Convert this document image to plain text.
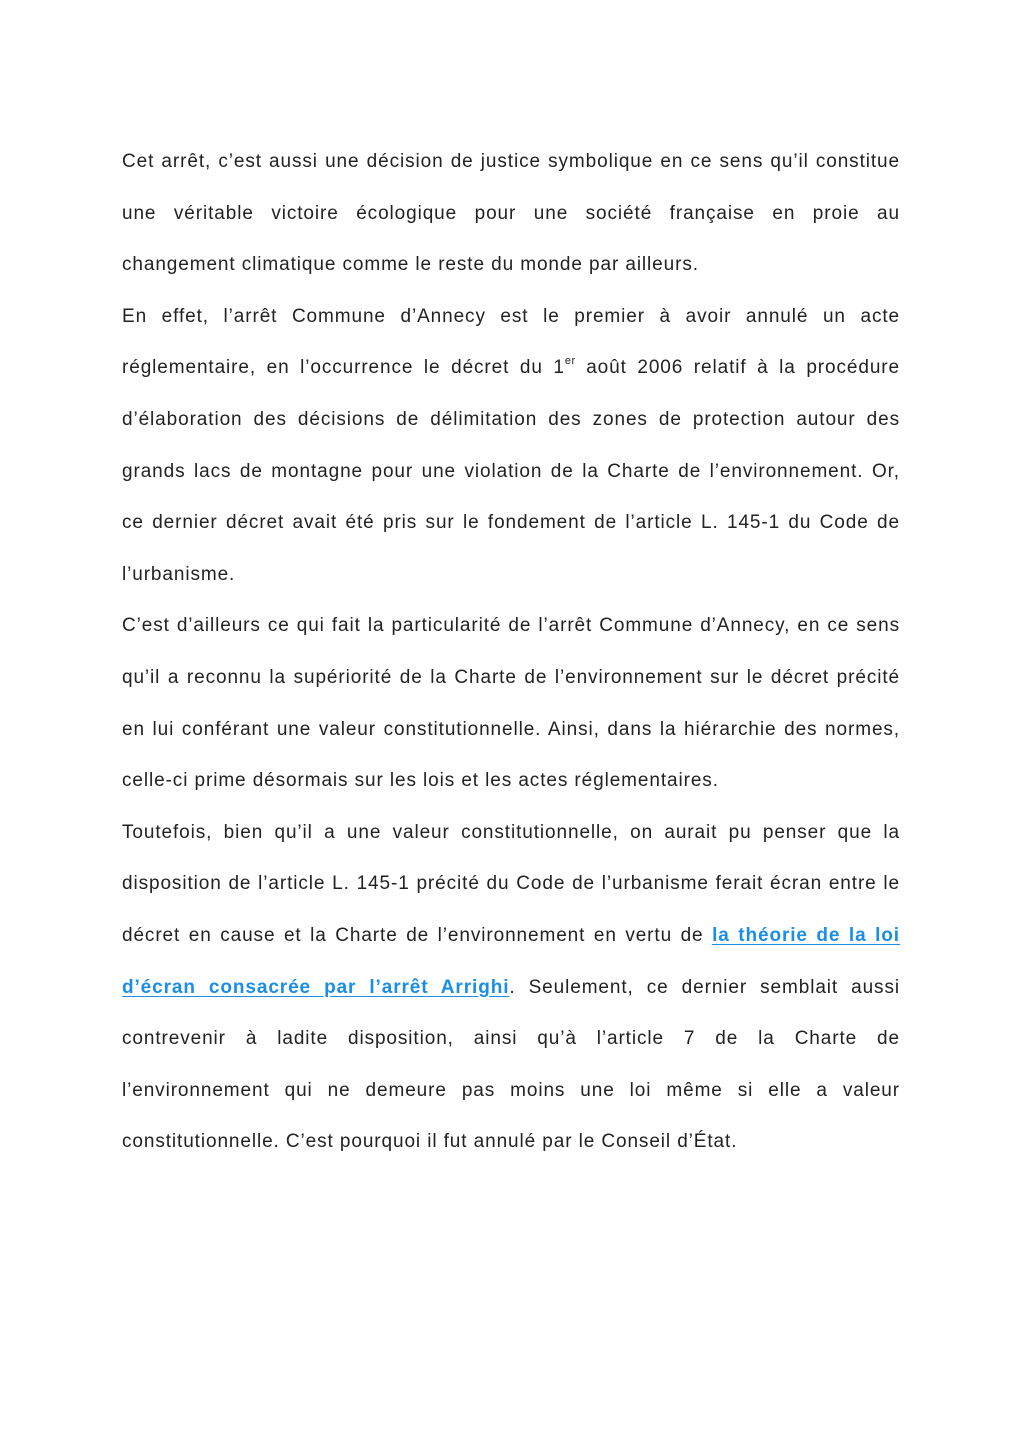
Cet arrêt, c’est aussi une décision de justice symbolique en ce sens qu’il constitue une véritable victoire écologique pour une société française en proie au changement climatique comme le reste du monde par ailleurs.

En effet, l’arrêt Commune d’Annecy est le premier à avoir annulé un acte réglementaire, en l’occurrence le décret du 1er août 2006 relatif à la procédure d’élaboration des décisions de délimitation des zones de protection autour des grands lacs de montagne pour une violation de la Charte de l’environnement. Or, ce dernier décret avait été pris sur le fondement de l’article L. 145-1 du Code de l’urbanisme.

C’est d’ailleurs ce qui fait la particularité de l’arrêt Commune d’Annecy, en ce sens qu’il a reconnu la supériorité de la Charte de l’environnement sur le décret précité en lui conférant une valeur constitutionnelle. Ainsi, dans la hiérarchie des normes, celle-ci prime désormais sur les lois et les actes réglementaires.

Toutefois, bien qu’il a une valeur constitutionnelle, on aurait pu penser que la disposition de l’article L. 145-1 précité du Code de l’urbanisme ferait écran entre le décret en cause et la Charte de l’environnement en vertu de la théorie de la loi d’écran consacrée par l’arrêt Arrighi. Seulement, ce dernier semblait aussi contrevenir à ladite disposition, ainsi qu’à l’article 7 de la Charte de l’environnement qui ne demeure pas moins une loi même si elle a valeur constitutionnelle. C’est pourquoi il fut annulé par le Conseil d’État.
